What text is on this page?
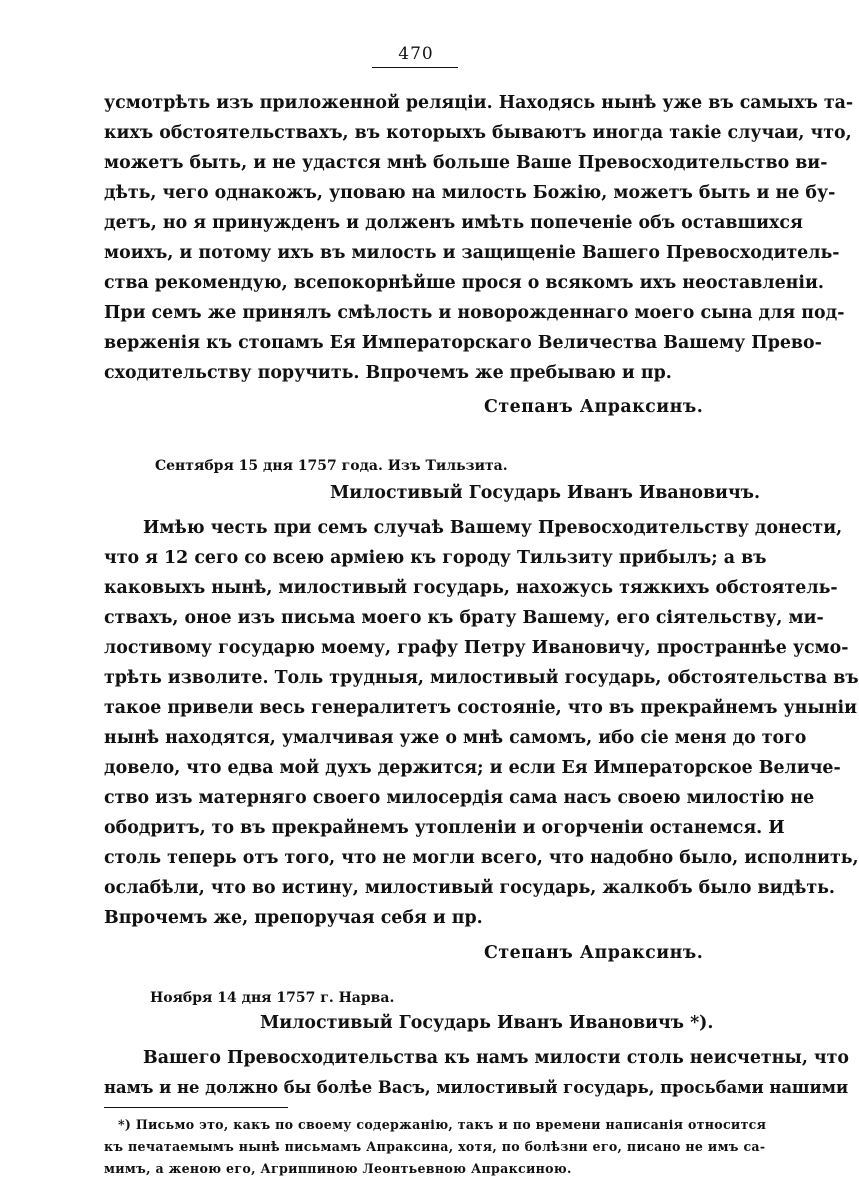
470
усмотрѣть изъ приложенной реляціи. Находясь нынѣ уже въ самыхъ та-
кихъ обстоятельствахъ, въ которыхъ бываютъ иногда такіе случаи, что,
можетъ быть, и не удастся мнѣ больше Ваше Превосходительство ви-
дѣть, чего однакожъ, уповаю на милость Божію, можетъ быть и не бу-
детъ, но я принужденъ и долженъ имѣть попеченіе объ оставшихся
моихъ, и потому ихъ въ милость и защищеніе Вашего Превосходитель-
ства рекомендую, всепокорнѣйше прося о всякомъ ихъ неоставленіи.
При семъ же принялъ смѣлость и новорожденнаго моего сына для под-
верженія къ стопамъ Ея Императорскаго Величества Вашему Прево-
сходительству поручить. Впрочемъ же пребываю и пр.
Степанъ Апраксинъ.
Сентября 15 дня 1757 года. Изъ Тильзита.
Милостивый Государь Иванъ Ивановичъ.
Имѣю честь при семъ случаѣ Вашему Превосходительству донести,
что я 12 сего со всею арміею къ городу Тильзиту прибылъ; а въ
каковыхъ нынѣ, милостивый государь, нахожусь тяжкихъ обстоятель-
ствахъ, оное изъ письма моего къ брату Вашему, его сіятельству, ми-
лостивому государю моему, графу Петру Ивановичу, пространнѣе усмо-
трѣть изволите. Толь трудныя, милостивый государь, обстоятельства въ
такое привели весь генералитетъ состояніе, что въ прекрайнемъ уныніи
нынѣ находятся, умалчивая уже о мнѣ самомъ, ибо сіе меня до того
довело, что едва мой духъ держится; и если Ея Императорское Величе-
ство изъ матерняго своего милосердія сама насъ своею милостію не
ободритъ, то въ прекрайнемъ утопленіи и огорченіи останемся. И
столь теперь отъ того, что не могли всего, что надобно было, исполнить,
ослабѣли, что во истину, милостивый государь, жалкобъ было видѣть.
Впрочемъ же, препоручая себя и пр.
Степанъ Апраксинъ.
Ноября 14 дня 1757 г. Нарва.
Милостивый Государь Иванъ Ивановичъ *).
Вашего Превосходительства къ намъ милости столь неисчетны, что
намъ и не должно бы болѣе Васъ, милостивый государь, просьбами нашими
*) Письмо это, какъ по своему содержанію, такъ и по времени написанія относится
къ печатаемымъ нынѣ письмамъ Апраксина, хотя, по болѣзни его, писано не имъ са-
мимъ, а женою его, Агриппиною Леонтьевною Апраксиною.
